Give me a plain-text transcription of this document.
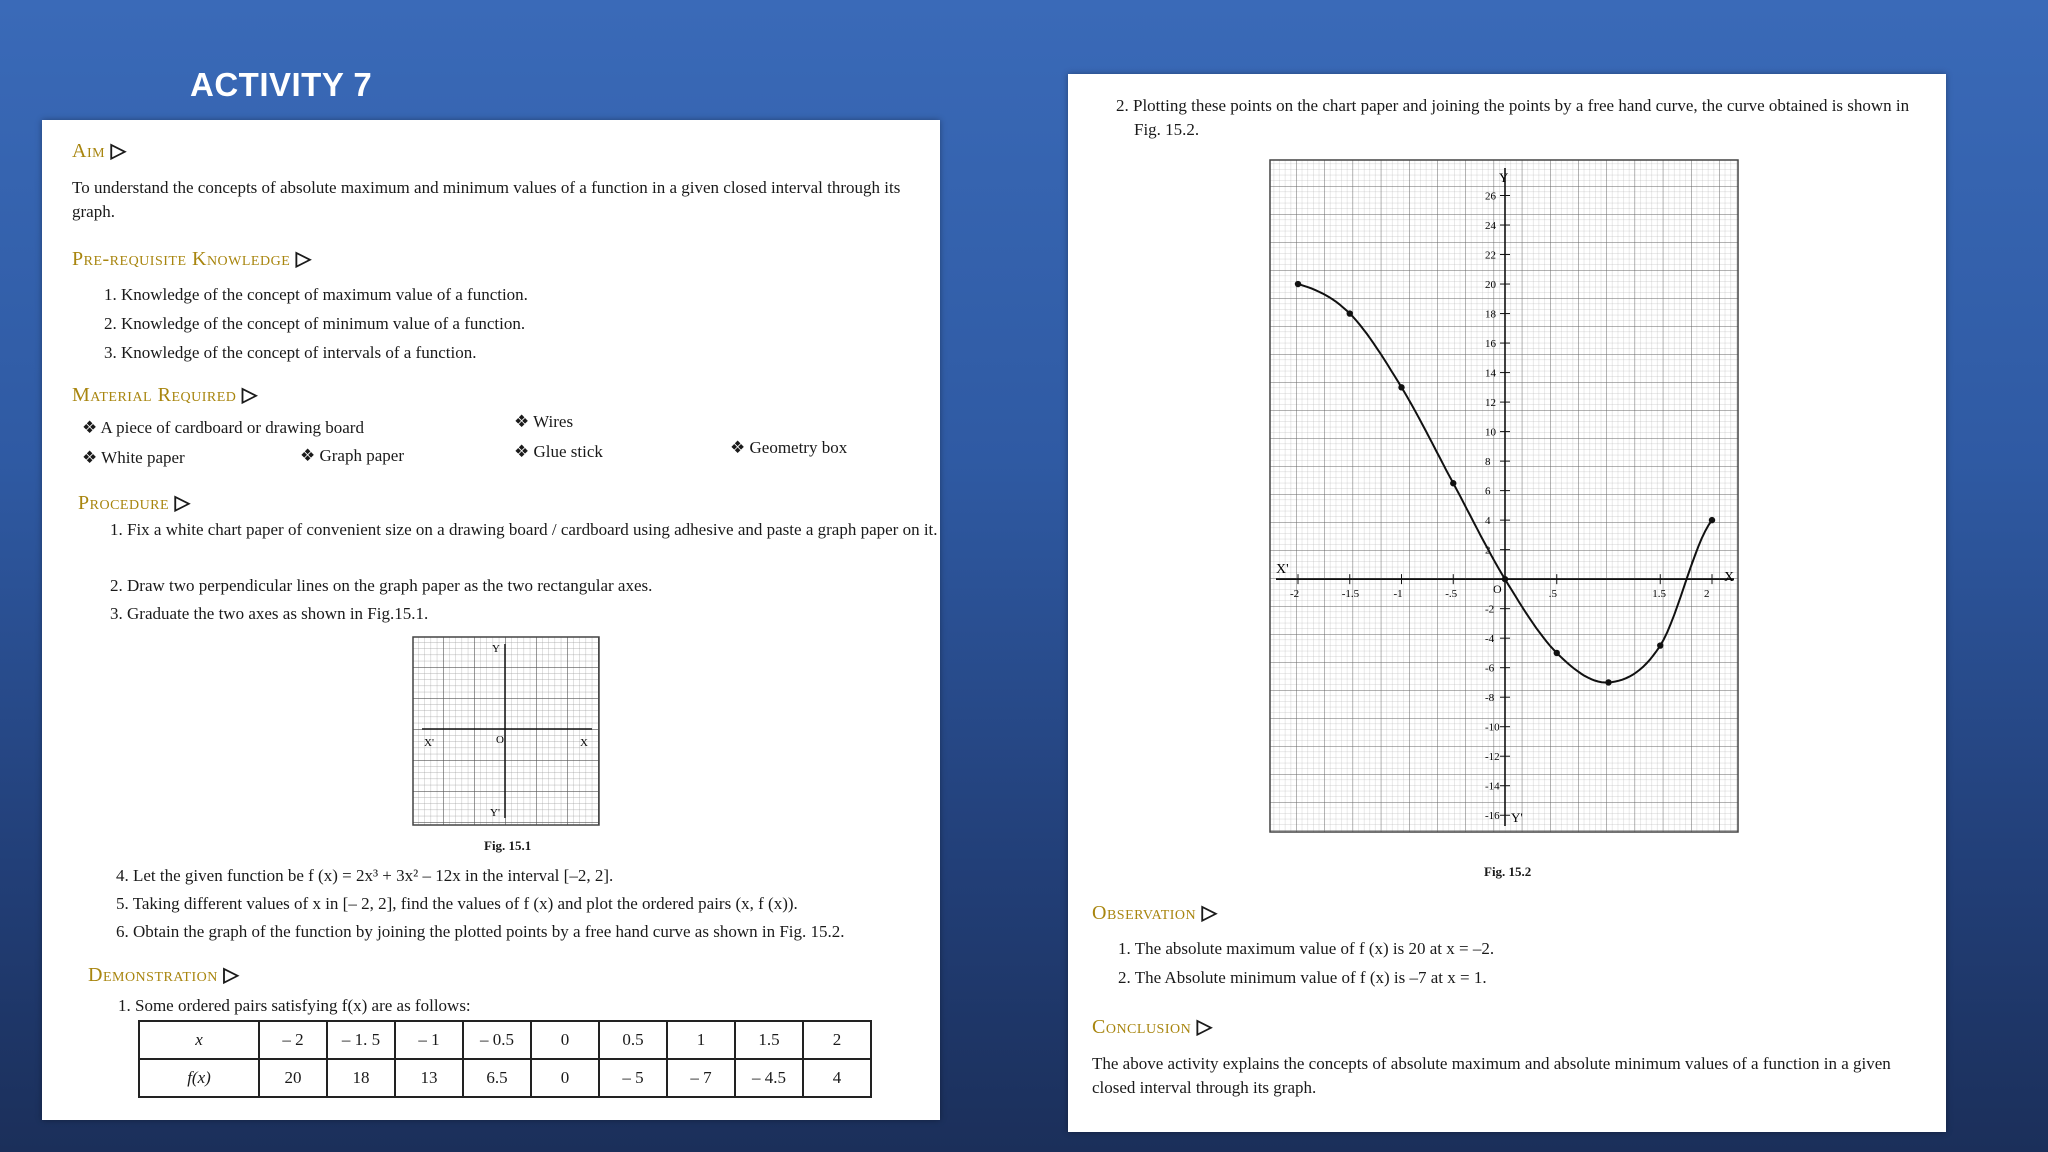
ACTIVITY 7
Aim ▷
To understand the concepts of absolute maximum and minimum values of a function in a given closed interval through its graph.
Pre-requisite Knowledge ▷
1. Knowledge of the concept of maximum value of a function.
2. Knowledge of the concept of minimum value of a function.
3. Knowledge of the concept of intervals of a function.
Material Required ▷
❖ A piece of cardboard or drawing board	❖ Wires
❖ White paper	❖ Graph paper	❖ Glue stick	❖ Geometry box
Procedure ▷
1. Fix a white chart paper of convenient size on a drawing board / cardboard using adhesive and paste a graph paper on it.
2. Draw two perpendicular lines on the graph paper as the two rectangular axes.
3. Graduate the two axes as shown in Fig.15.1.
X'	X
Y
Y'
O
Fig. 15.1
4. Let the given function be f (x) = 2x³ + 3x² – 12x in the interval [–2, 2].
5. Taking different values of x in [– 2, 2], find the values of f (x) and plot the ordered pairs (x, f (x)).
6. Obtain the graph of the function by joining the plotted points by a free hand curve as shown in Fig. 15.2.
Demonstration ▷
1. Some ordered pairs satisfying f(x) are as follows:
x	– 2	– 1. 5	– 1	– 0.5	0	0.5	1	1.5	2
f(x)	20	18	13	6.5	0	– 5	– 7	– 4.5	4
2. Plotting these points on the chart paper and joining the points by a free hand curve, the curve obtained is shown in Fig. 15.2.
X'
X
Y
Y'
O
26
24
22
20
18
16
14
12
10
8
6
4
2
-2
-4
-6
-8
-10
-12
-14
-16
-2	-1.5	-1	-.5	.5	1.5	2
Fig. 15.2
Observation ▷
1. The absolute maximum value of f (x) is 20 at x = –2.
2. The Absolute minimum value of f (x) is –7 at x = 1.
Conclusion ▷
The above activity explains the concepts of absolute maximum and absolute minimum values of a function in a given closed interval through its graph.
